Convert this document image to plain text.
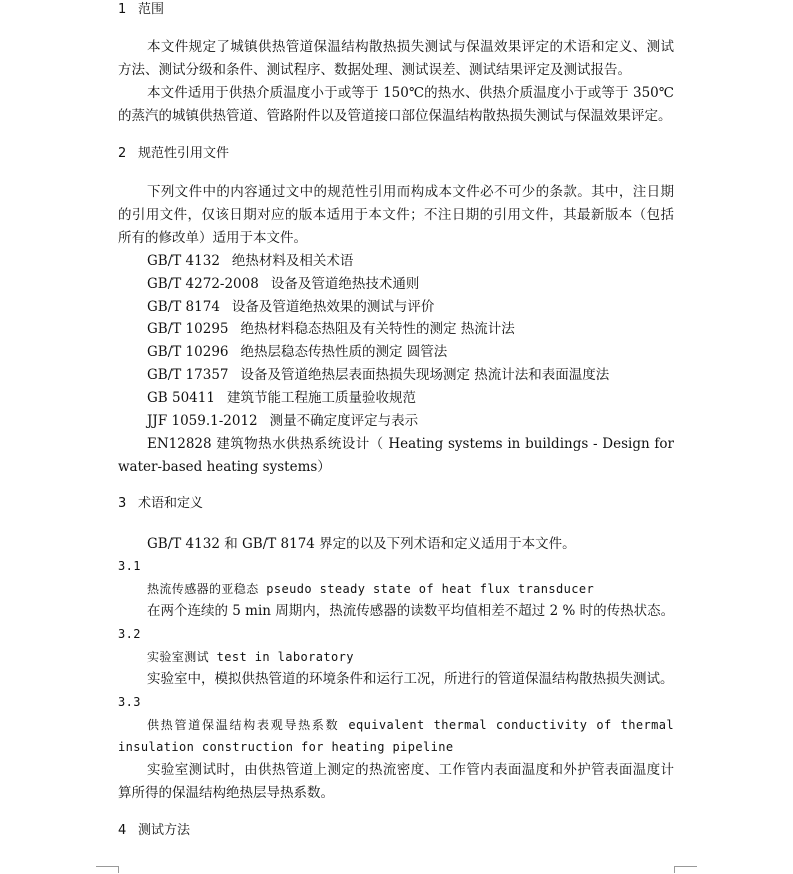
1 范围
本文件规定了城镇供热管道保温结构散热损失测试与保温效果评定的术语和定义、测试
方法、测试分级和条件、测试程序、数据处理、测试误差、测试结果评定及测试报告。
本文件适用于供热介质温度小于或等于 150℃的热水、供热介质温度小于或等于 350℃
的蒸汽的城镇供热管道、管路附件以及管道接口部位保温结构散热损失测试与保温效果评定。
2 规范性引用文件
下列文件中的内容通过文中的规范性引用而构成本文件必不可少的条款。其中，注日期
的引用文件，仅该日期对应的版本适用于本文件；不注日期的引用文件，其最新版本（包括
所有的修改单）适用于本文件。
GB/T 4132 绝热材料及相关术语
GB/T 4272-2008 设备及管道绝热技术通则
GB/T 8174 设备及管道绝热效果的测试与评价
GB/T 10295 绝热材料稳态热阻及有关特性的测定 热流计法
GB/T 10296 绝热层稳态传热性质的测定 圆管法
GB/T 17357 设备及管道绝热层表面热损失现场测定 热流计法和表面温度法
GB 50411 建筑节能工程施工质量验收规范
JJF 1059.1-2012 测量不确定度评定与表示
EN12828 建筑物热水供热系统设计（ Heating systems in buildings - Design for
water-based heating systems）
3 术语和定义
GB/T 4132 和 GB/T 8174 界定的以及下列术语和定义适用于本文件。
3.1
热流传感器的亚稳态 pseudo steady state of heat flux transducer
在两个连续的 5 min 周期内，热流传感器的读数平均值相差不超过 2 % 时的传热状态。
3.2
实验室测试 test in laboratory
实验室中，模拟供热管道的环境条件和运行工况，所进行的管道保温结构散热损失测试。
3.3
供热管道保温结构表观导热系数 equivalent thermal conductivity of thermal
insulation construction for heating pipeline
实验室测试时，由供热管道上测定的热流密度、工作管内表面温度和外护管表面温度计
算所得的保温结构绝热层导热系数。
4 测试方法
